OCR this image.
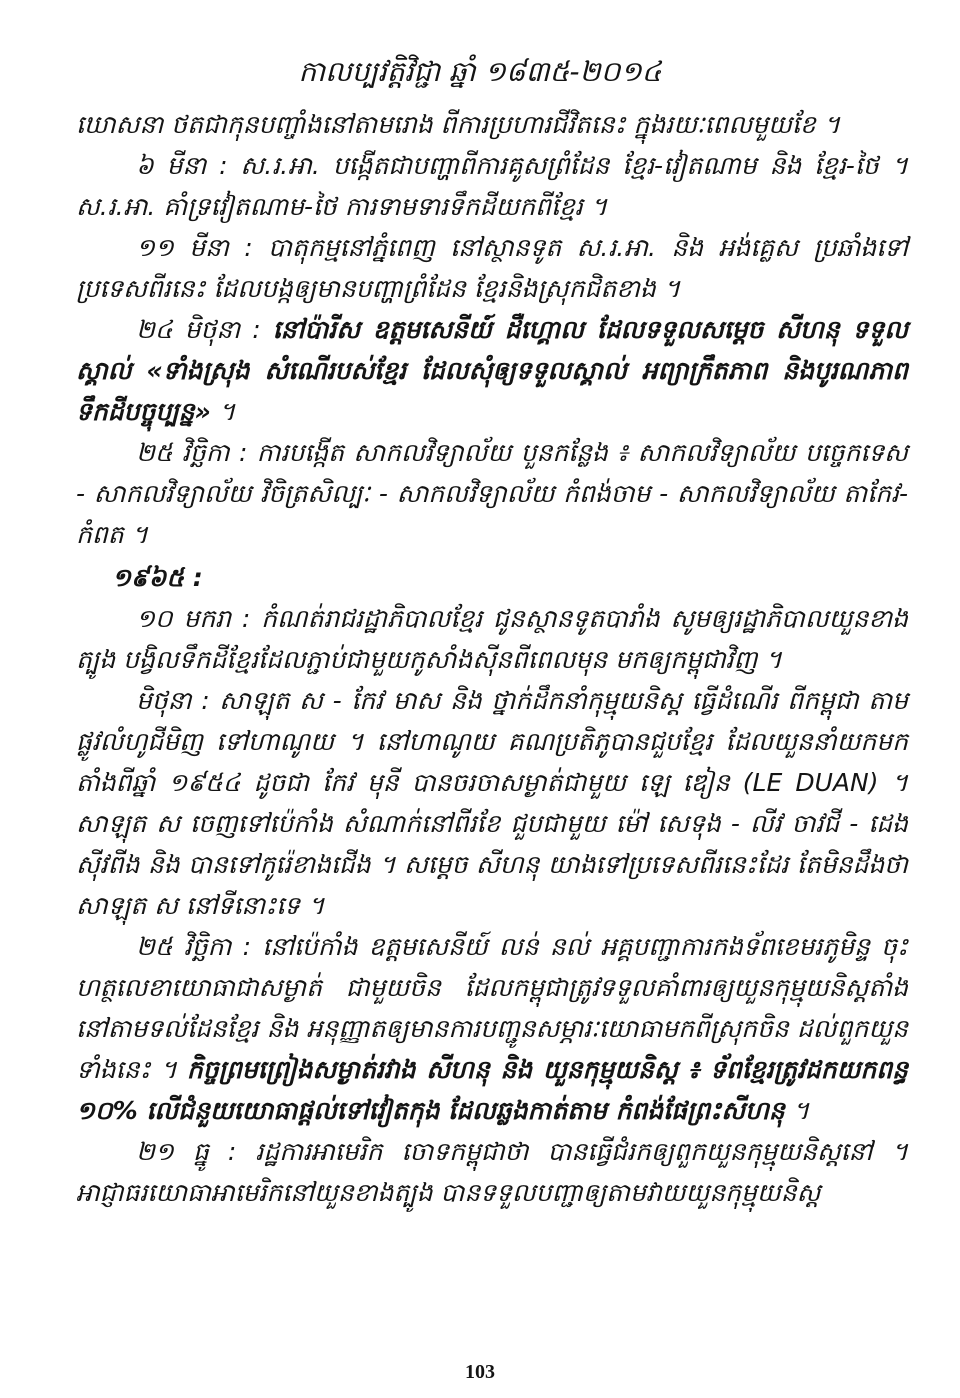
កាលប្បវត្តិវិជ្ជា ឆ្នាំ ១៨៣៥-២០១៤

ឃោសនា ថតជាកុនបញ្ចាំងនៅតាមរោង ពីការប្រហារជីវិតនេះ ក្នុងរយៈពេលមួយខែ ។

៦ មីនា : ស.រ.អា. បង្កើតជាបញ្ហាពីការគូសព្រំដែន ខ្មែរ-វៀតណាម និង ខ្មែរ-ថៃ ។ ស.រ.អា. គាំទ្រវៀតណាម-ថៃ ការទាមទារទឹកដីយកពីខ្មែរ ។

១១ មីនា : បាតុកម្មនៅភ្នំពេញ នៅស្ថានទូត ស.រ.អា. និង អង់គ្លេស ប្រឆាំងទៅប្រទេសពីរនេះ ដែលបង្កឲ្យមានបញ្ហាព្រំដែន ខ្មែរនិងស្រុកជិតខាង ។

២៤ មិថុនា : នៅប៉ារីស ឧត្ដមសេនីយ៍ ដឺហ្គោល ដែលទទួលសម្ដេច សីហនុ ទទួលស្គាល់ «ទាំងស្រុង សំណើរបស់ខ្មែរ ដែលសុំឲ្យទទួលស្គាល់ អព្យាក្រឹតភាព និងបូរណភាពទឹកដីបច្ចុប្បន្ន» ។

២៥ វិច្ឆិកា : ការបង្កើត សាកលវិទ្យាល័យ បួនកន្លែង ៖ សាកលវិទ្យាល័យ បច្ចេកទេស - សាកលវិទ្យាល័យ វិចិត្រសិល្បៈ - សាកលវិទ្យាល័យ កំពង់ចាម - សាកលវិទ្យាល័យ តាកែវ-កំពត ។

១៩៦៥ :

១០ មករា : កំណត់រាជរដ្ឋាភិបាលខ្មែរ ជូនស្ថានទូតបារាំង សូមឲ្យរដ្ឋាភិបាលយួនខាងត្បូង បង្វិលទឹកដីខ្មែរដែលភ្ជាប់ជាមួយកូសាំងស៊ីនពីពេលមុន មកឲ្យកម្ពុជាវិញ ។

មិថុនា : សាឡុត ស - កែវ មាស និង ថ្នាក់ដឹកនាំកុម្មុយនិស្ត ធ្វើដំណើរ ពីកម្ពុជា តាមផ្លូវលំហូជីមិញ ទៅហាណូយ ។ នៅហាណូយ គណប្រតិភូបានជួបខ្មែរ ដែលយួននាំយកមក តាំងពីឆ្នាំ ១៩៥៤ ដូចជា កែវ មុនី បានចរចាសម្ងាត់ជាមួយ ឡេ ឌៀន (LE DUAN) ។ សាឡុត ស ចេញទៅប៉េកាំង សំណាក់នៅពីរខែ ជួបជាមួយ ម៉ៅ សេទុង - លីវ ចាវជី - ដេង ស៊ីវពីង និង បានទៅកូរ៉េខាងជើង ។ សម្ដេច សីហនុ យាងទៅប្រទេសពីរនេះដែរ តែមិនដឹងថា សាឡុត ស នៅទីនោះទេ ។

២៥ វិច្ឆិកា : នៅប៉េកាំង ឧត្ដមសេនីយ៍ លន់ នល់ អគ្គបញ្ជាការកងទ័ពខេមរភូមិន្ទ ចុះហត្ថលេខាយោធាជាសម្ងាត់ ជាមួយចិន ដែលកម្ពុជាត្រូវទទួលគាំពារឲ្យយួនកុម្មុយនិស្តតាំងនៅតាមទល់ដែនខ្មែរ និង អនុញ្ញាតឲ្យមានការបញ្ជូនសម្ភារៈយោធាមកពីស្រុកចិន ដល់ពួកយួនទាំងនេះ ។ កិច្ចព្រមព្រៀងសម្ងាត់រវាង សីហនុ និង យួនកុម្មុយនិស្ត ៖ ទ័ពខ្មែរត្រូវដកយកពន្ធ ១០% លើជំនួយយោធាផ្ដល់ទៅវៀតកុង ដែលឆ្លងកាត់តាម កំពង់ផែព្រះសីហនុ ។

២១ ធ្នូ : រដ្ឋការអាមេរិក ចោទកម្ពុជាថា បានធ្វើជំរកឲ្យពួកយួនកុម្មុយនិស្តនៅ ។ អាជ្ញាធរយោធាអាមេរិកនៅយួនខាងត្បូង បានទទួលបញ្ជាឲ្យតាមវាយយួនកុម្មុយនិស្ត

103
